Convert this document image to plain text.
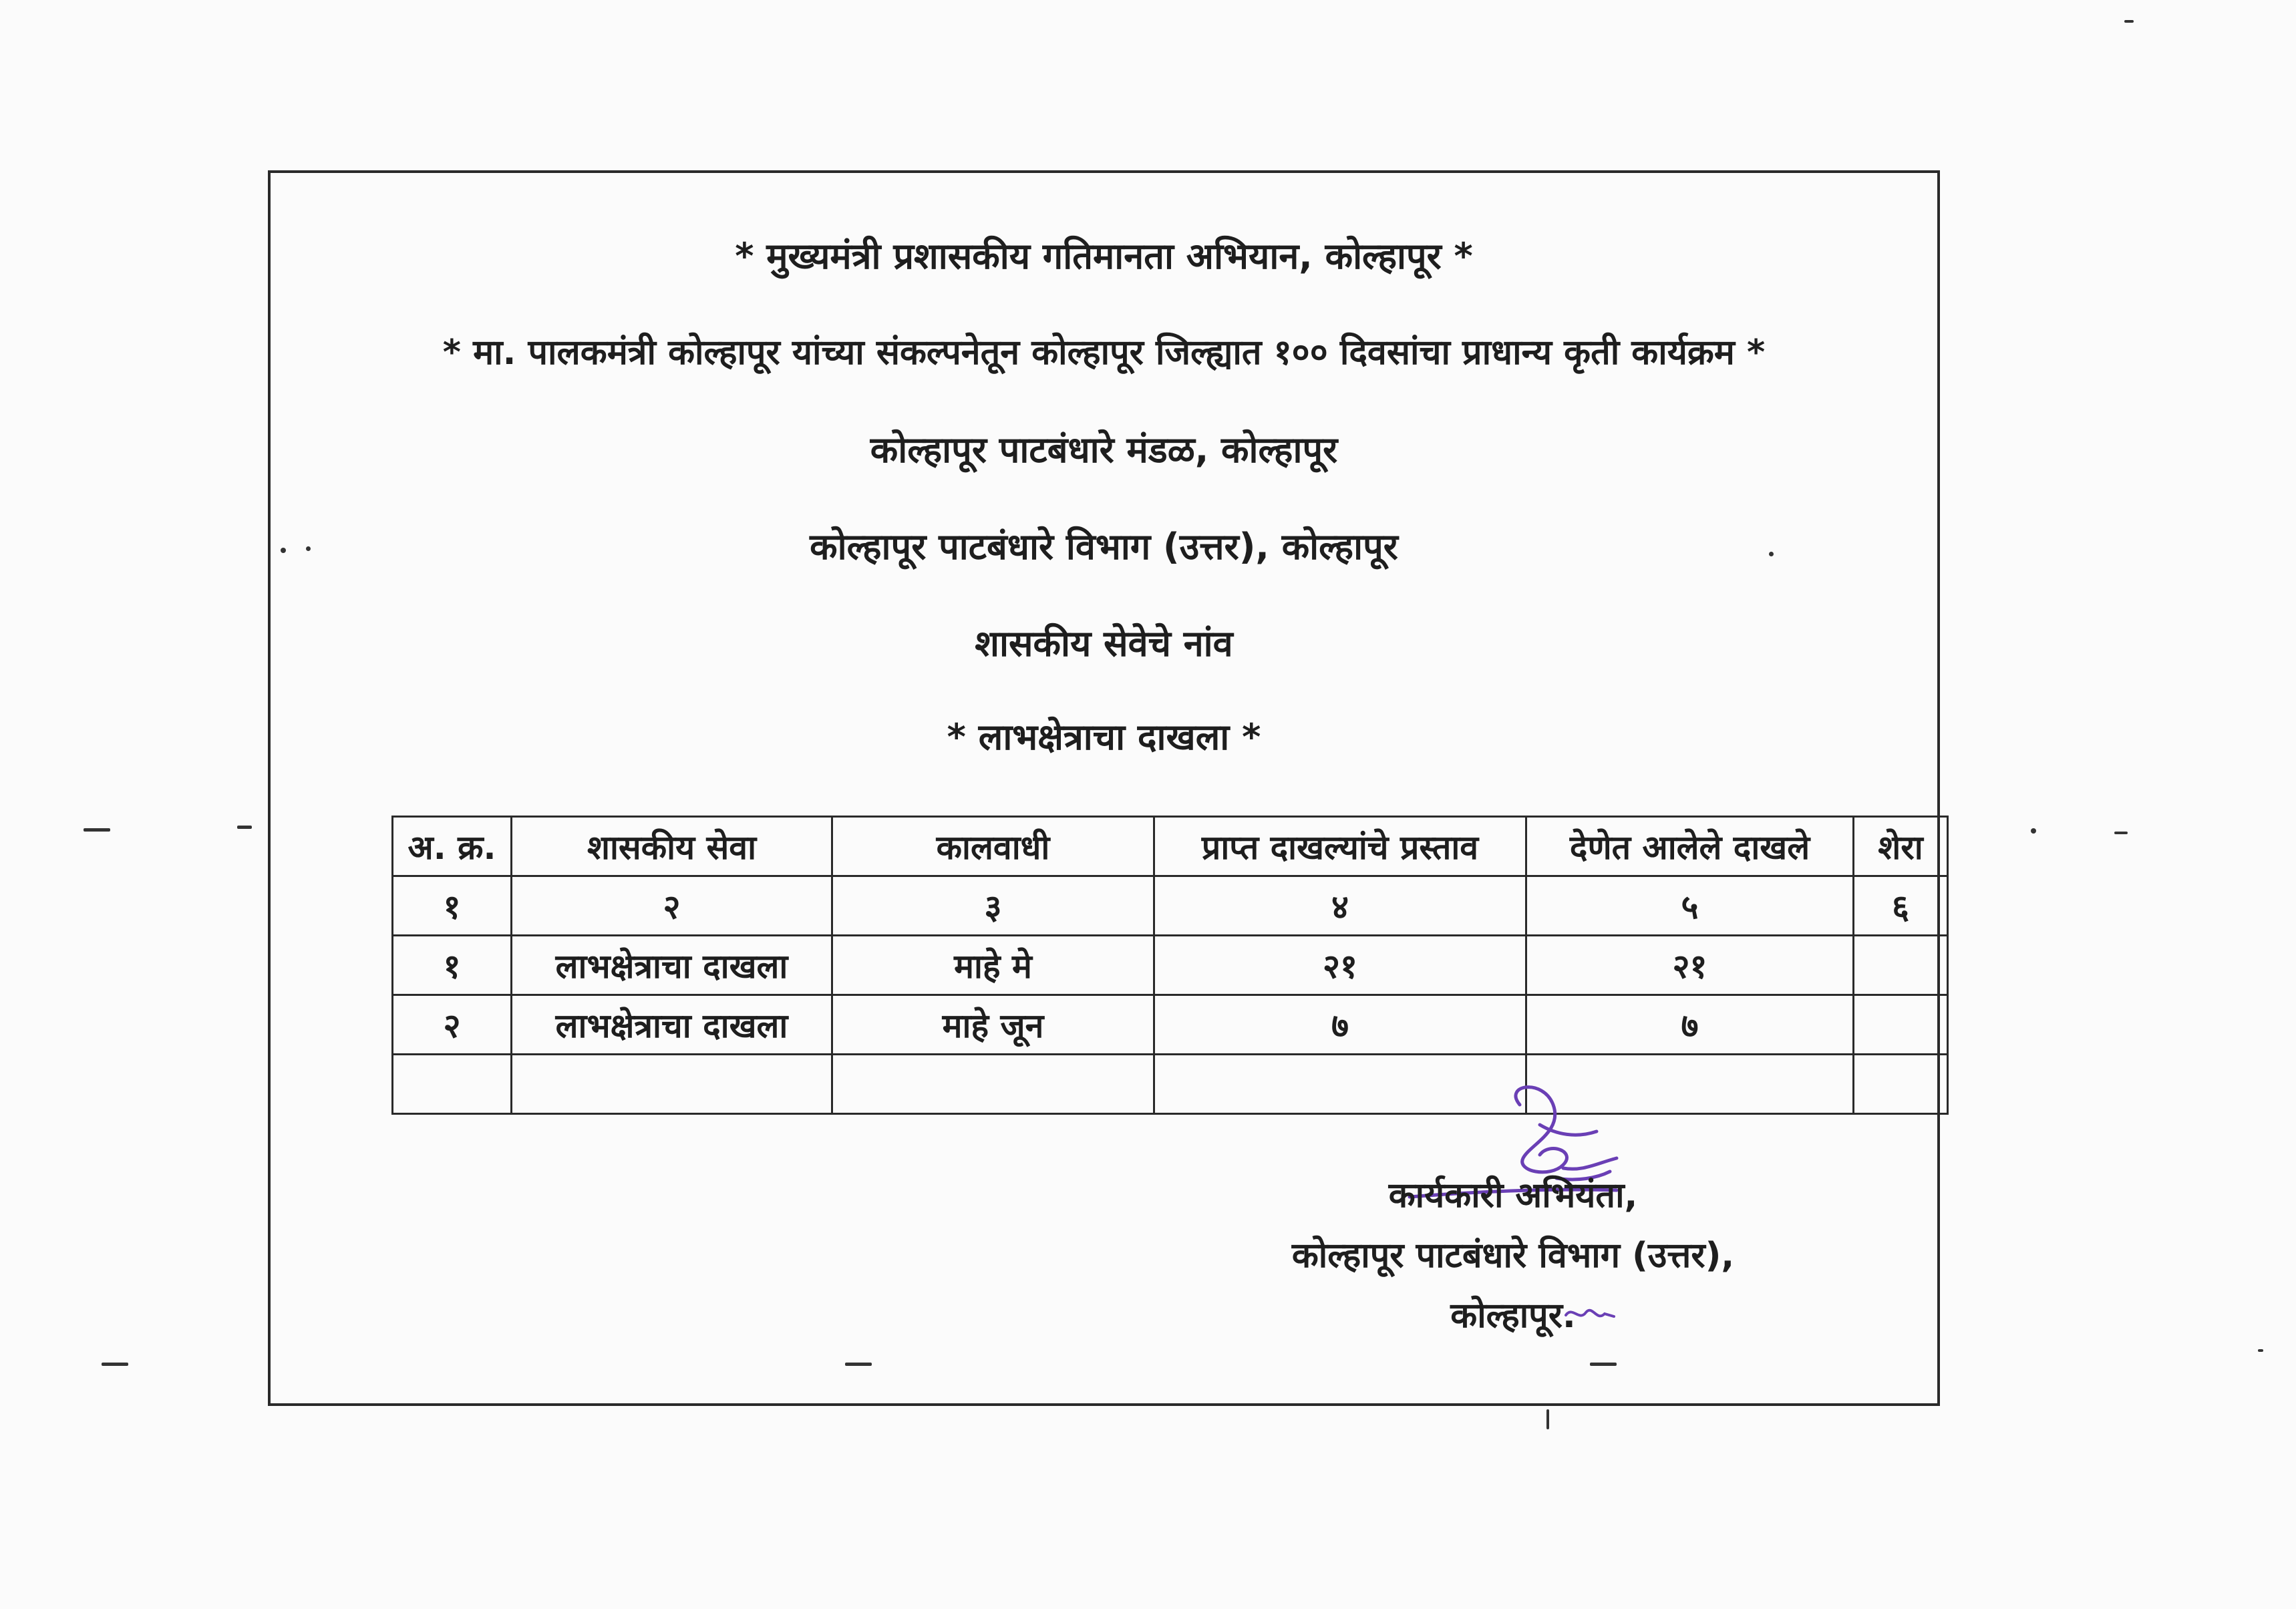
* मुख्यमंत्री प्रशासकीय गतिमानता अभियान, कोल्हापूर *
* मा. पालकमंत्री कोल्हापूर यांच्या संकल्पनेतून कोल्हापूर जिल्ह्यात १०० दिवसांचा प्राधान्य कृती कार्यक्रम *
कोल्हापूर पाटबंधारे मंडळ, कोल्हापूर
कोल्हापूर पाटबंधारे विभाग (उत्तर), कोल्हापूर
शासकीय सेवेचे नांव
* लाभक्षेत्राचा दाखला *
अ. क्र.	शासकीय सेवा	कालवाधी	प्राप्त दाखल्यांचे प्रस्ताव	देणेत आलेले दाखले	शेरा
१	२	३	४	५	६
१	लाभक्षेत्राचा दाखला	माहे मे	२१	२१	
२	लाभक्षेत्राचा दाखला	माहे जून	७	७	

कार्यकारी अभियंता,
कोल्हापूर पाटबंधारे विभाग (उत्तर),
कोल्हापूर.
